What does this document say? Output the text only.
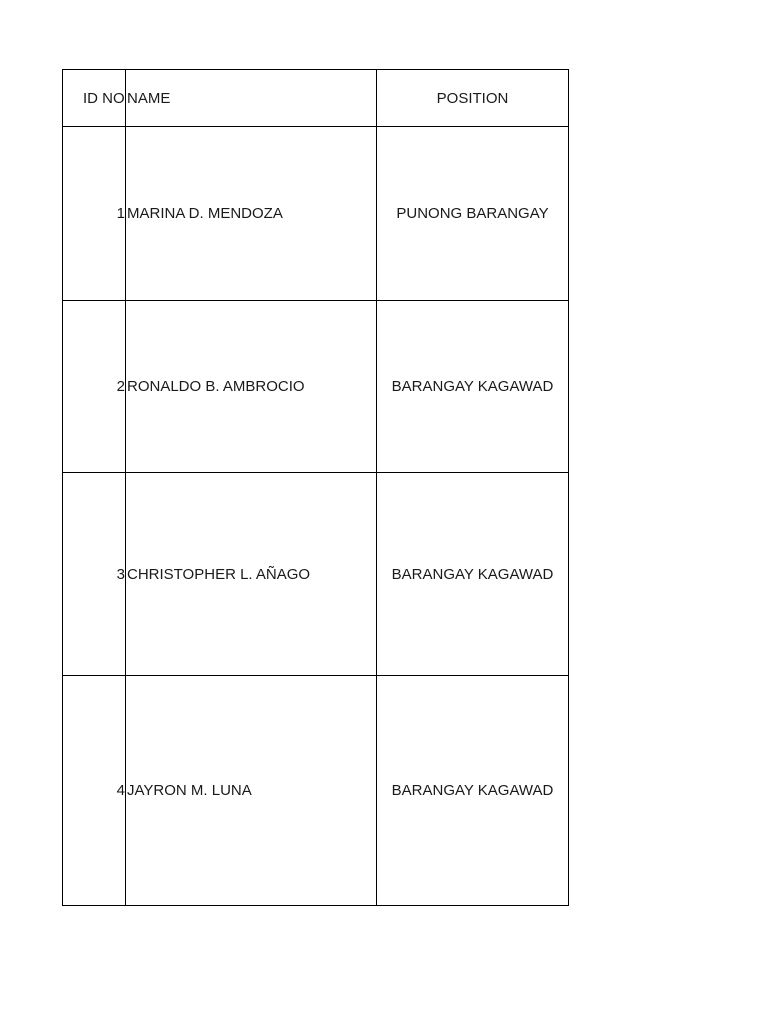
ID NO	NAME	POSITION
1	MARINA D. MENDOZA	PUNONG BARANGAY
2	RONALDO B. AMBROCIO	BARANGAY KAGAWAD
3	CHRISTOPHER L. AÑAGO	BARANGAY KAGAWAD
4	JAYRON M. LUNA	BARANGAY KAGAWAD
